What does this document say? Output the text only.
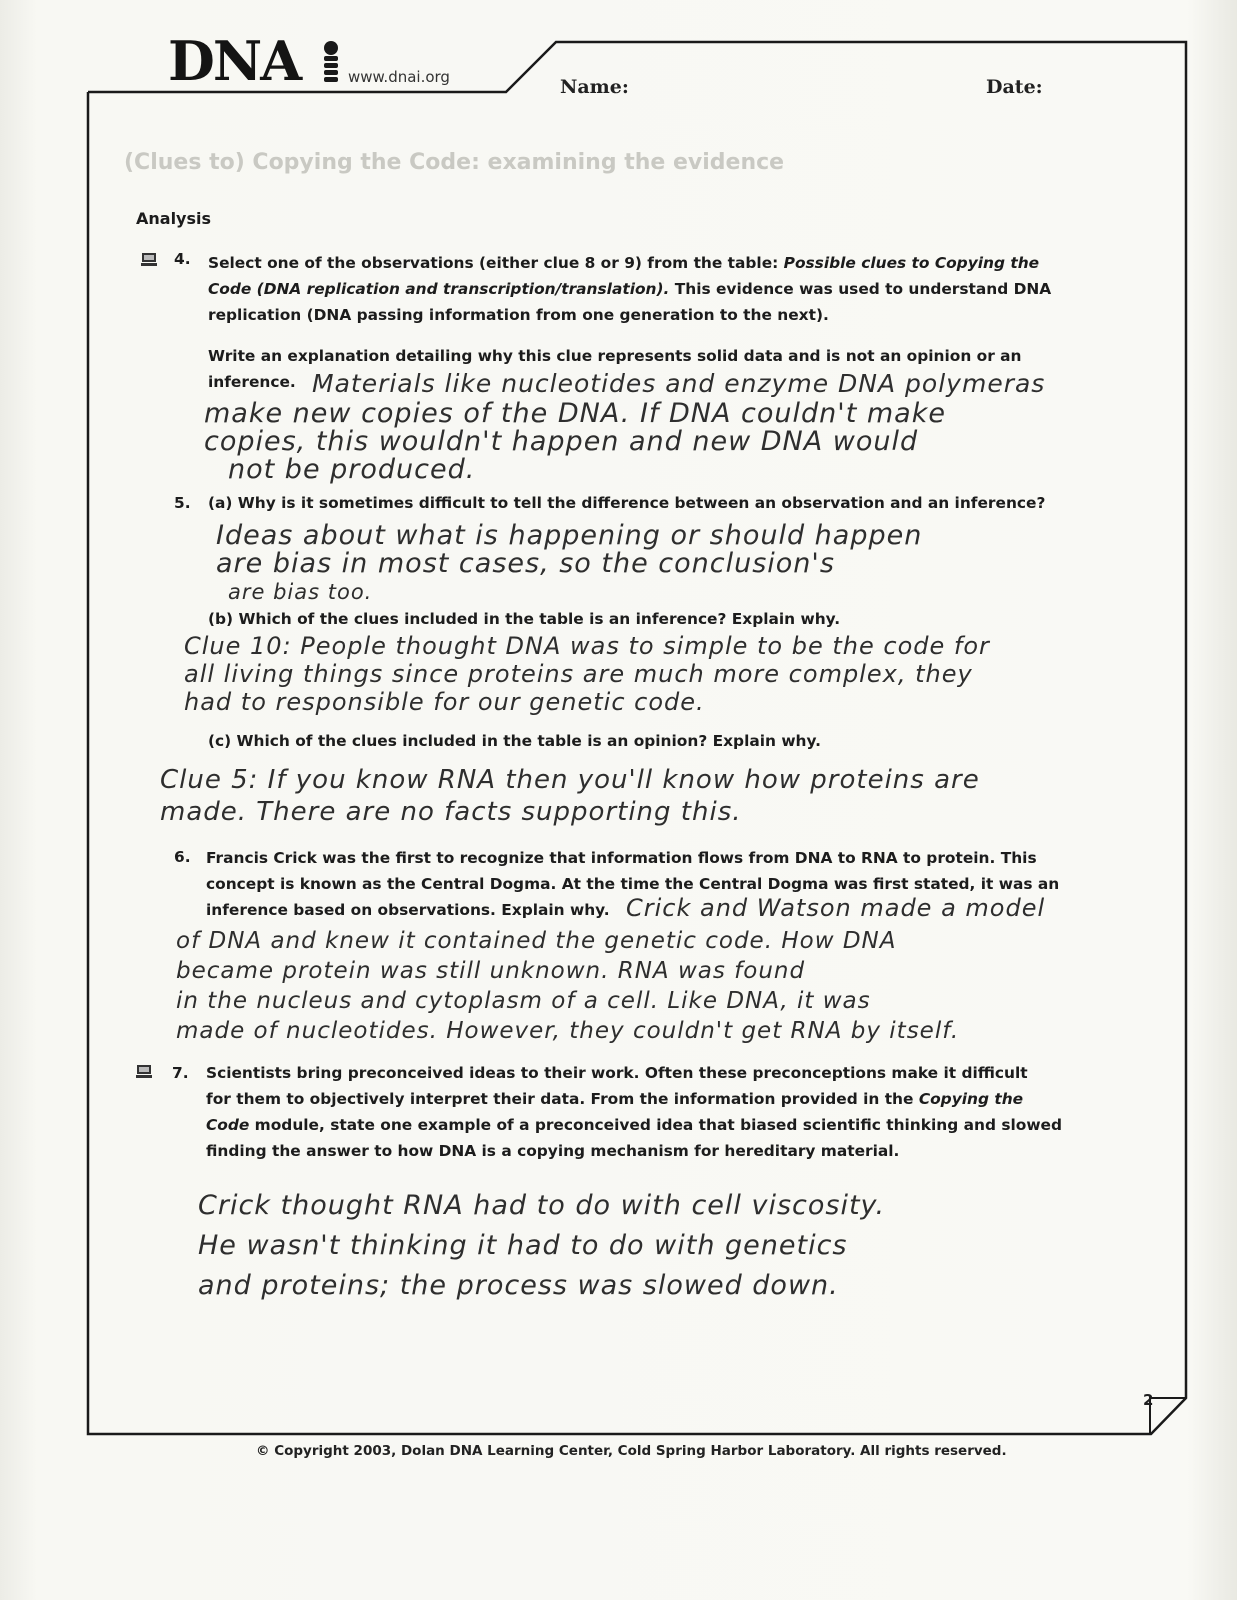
DNA	www.dnai.org	Name:	Date:
(Clues to) Copying the Code: examining the evidence
Analysis
4. Select one of the observations (either clue 8 or 9) from the table: Possible clues to Copying the
Code (DNA replication and transcription/translation). This evidence was used to understand DNA
replication (DNA passing information from one generation to the next).
Write an explanation detailing why this clue represents solid data and is not an opinion or an
inference. Materials like nucleotides and enzyme DNA polymeras
make new copies of the DNA. If DNA couldn't make
copies, this wouldn't happen and new DNA would
not be produced.
5. (a) Why is it sometimes difficult to tell the difference between an observation and an inference?
Ideas about what is happening or should happen
are bias in most cases, so the conclusion's
are bias too.
(b) Which of the clues included in the table is an inference? Explain why.
Clue 10: People thought DNA was to simple to be the code for
all living things since proteins are much more complex, they
had to responsible for our genetic code.
(c) Which of the clues included in the table is an opinion? Explain why.
Clue 5: If you know RNA then you'll know how proteins are
made. There are no facts supporting this.
6. Francis Crick was the first to recognize that information flows from DNA to RNA to protein. This
concept is known as the Central Dogma. At the time the Central Dogma was first stated, it was an
inference based on observations. Explain why. Crick and Watson made a model
of DNA and knew it contained the genetic code. How DNA
became protein was still unknown. RNA was found
in the nucleus and cytoplasm of a cell. Like DNA, it was
made of nucleotides. However, they couldn't get RNA by itself.
7. Scientists bring preconceived ideas to their work. Often these preconceptions make it difficult
for them to objectively interpret their data. From the information provided in the Copying the
Code module, state one example of a preconceived idea that biased scientific thinking and slowed
finding the answer to how DNA is a copying mechanism for hereditary material.
Crick thought RNA had to do with cell viscosity.
He wasn't thinking it had to do with genetics
and proteins; the process was slowed down.
2
© Copyright 2003, Dolan DNA Learning Center, Cold Spring Harbor Laboratory. All rights reserved.
